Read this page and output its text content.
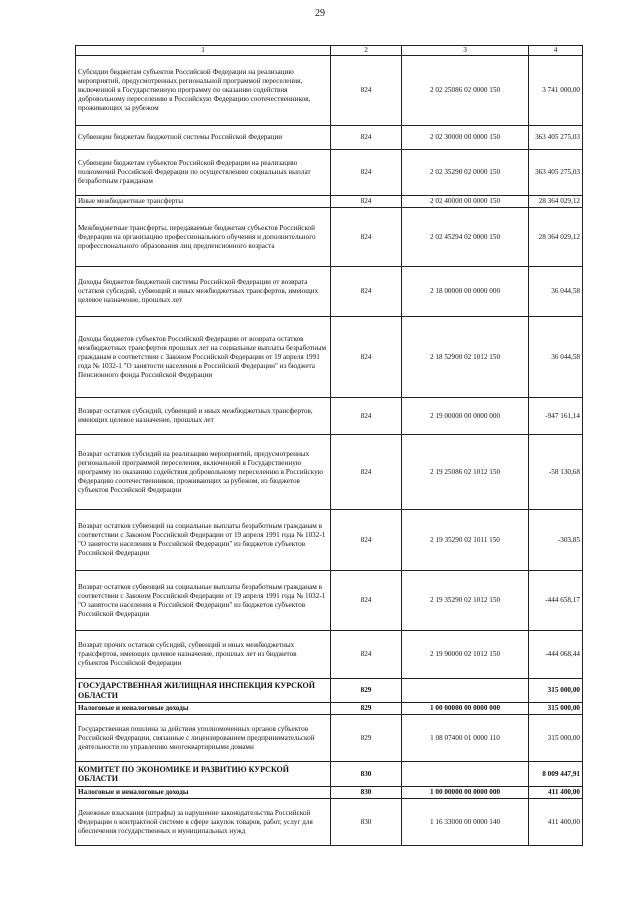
29
1	2	3	4
Субсидии бюджетам субъектов Российской Федерации на реализацию мероприятий, предусмотренных региональной программой переселения, включенной в Государственную программу по оказанию содействия добровольному переселению в Российскую Федерацию соотечественников, проживающих за рубежом	824	2 02 25086 02 0000 150	3 741 000,00
Субвенции бюджетам бюджетной системы Российской Федерации	824	2 02 30000 00 0000 150	363 405 275,03
Субвенции бюджетам субъектов Российской Федерации на реализацию полномочий Российской Федерации по осуществлению социальных выплат безработным гражданам	824	2 02 35290 02 0000 150	363 405 275,03
Иные межбюджетные трансферты	824	2 02 40000 00 0000 150	28 364 029,12
Межбюджетные трансферты, передаваемые бюджетам субъектов Российской Федерации на организацию профессионального обучения и дополнительного профессионального образования лиц предпенсионного возраста	824	2 02 45294 02 0000 150	28 364 029,12
Доходы бюджетов бюджетной системы Российской Федерации от возврата остатков субсидий, субвенций и иных межбюджетных трансфертов, имеющих целевое назначение, прошлых лет	824	2 18 00000 00 0000 000	36 044,58
Доходы бюджетов субъектов Российской Федерации от возврата остатков межбюджетных трансфертов прошлых лет на социальные выплаты безработным гражданам в соответствии с Законом Российской Федерации от 19 апреля 1991 года № 1032-1 "О занятости населения в Российской Федерации" из бюджета Пенсионного фонда Российской Федерации	824	2 18 52900 02 1012 150	36 044,58
Возврат остатков субсидий, субвенций и иных межбюджетных трансфертов, имеющих целевое назначение, прошлых лет	824	2 19 00000 00 0000 000	-947 161,14
Возврат остатков субсидий на реализацию мероприятий, предусмотренных региональной программой переселения, включенной в Государственную программу по оказанию содействия добровольному переселению в Российскую Федерацию соотечественников, проживающих за рубежом, из бюджетов субъектов Российской Федерации	824	2 19 25086 02 1012 150	-58 130,68
Возврат остатков субвенций на социальные выплаты безработным гражданам в соответствии с Законом Российской Федерации от 19 апреля 1991 года № 1032-1 "О занятости населения в Российской Федерации" из бюджетов субъектов Российской Федерации	824	2 19 35290 02 1011 150	-303,85
Возврат остатков субвенций на социальные выплаты безработным гражданам в соответствии с Законом Российской Федерации от 19 апреля 1991 года № 1032-1 "О занятости населения в Российской Федерации" из бюджетов субъектов Российской Федерации	824	2 19 35290 02 1012 150	-444 658,17
Возврат прочих остатков субсидий, субвенций и иных межбюджетных трансфертов, имеющих целевое назначение, прошлых лет из бюджетов субъектов Российской Федерации	824	2 19 90000 02 1012 150	-444 068,44
ГОСУДАРСТВЕННАЯ ЖИЛИЩНАЯ ИНСПЕКЦИЯ КУРСКОЙ ОБЛАСТИ	829		315 000,00
Налоговые и неналоговые доходы	829	1 00 00000 00 0000 000	315 000,00
Государственная пошлина за действия уполномоченных органов субъектов Российской Федерации, связанные с лицензированием предпринимательской деятельности по управлению многоквартирными домами	829	1 08 07400 01 0000 110	315 000,00
КОМИТЕТ ПО ЭКОНОМИКЕ И РАЗВИТИЮ КУРСКОЙ ОБЛАСТИ	830		8 009 447,91
Налоговые и неналоговые доходы	830	1 00 00000 00 0000 000	411 400,00
Денежные взыскания (штрафы) за нарушение законодательства Российской Федерации о контрактной системе в сфере закупок товаров, работ, услуг для обеспечения государственных и муниципальных нужд	830	1 16 33000 00 0000 140	411 400,00
